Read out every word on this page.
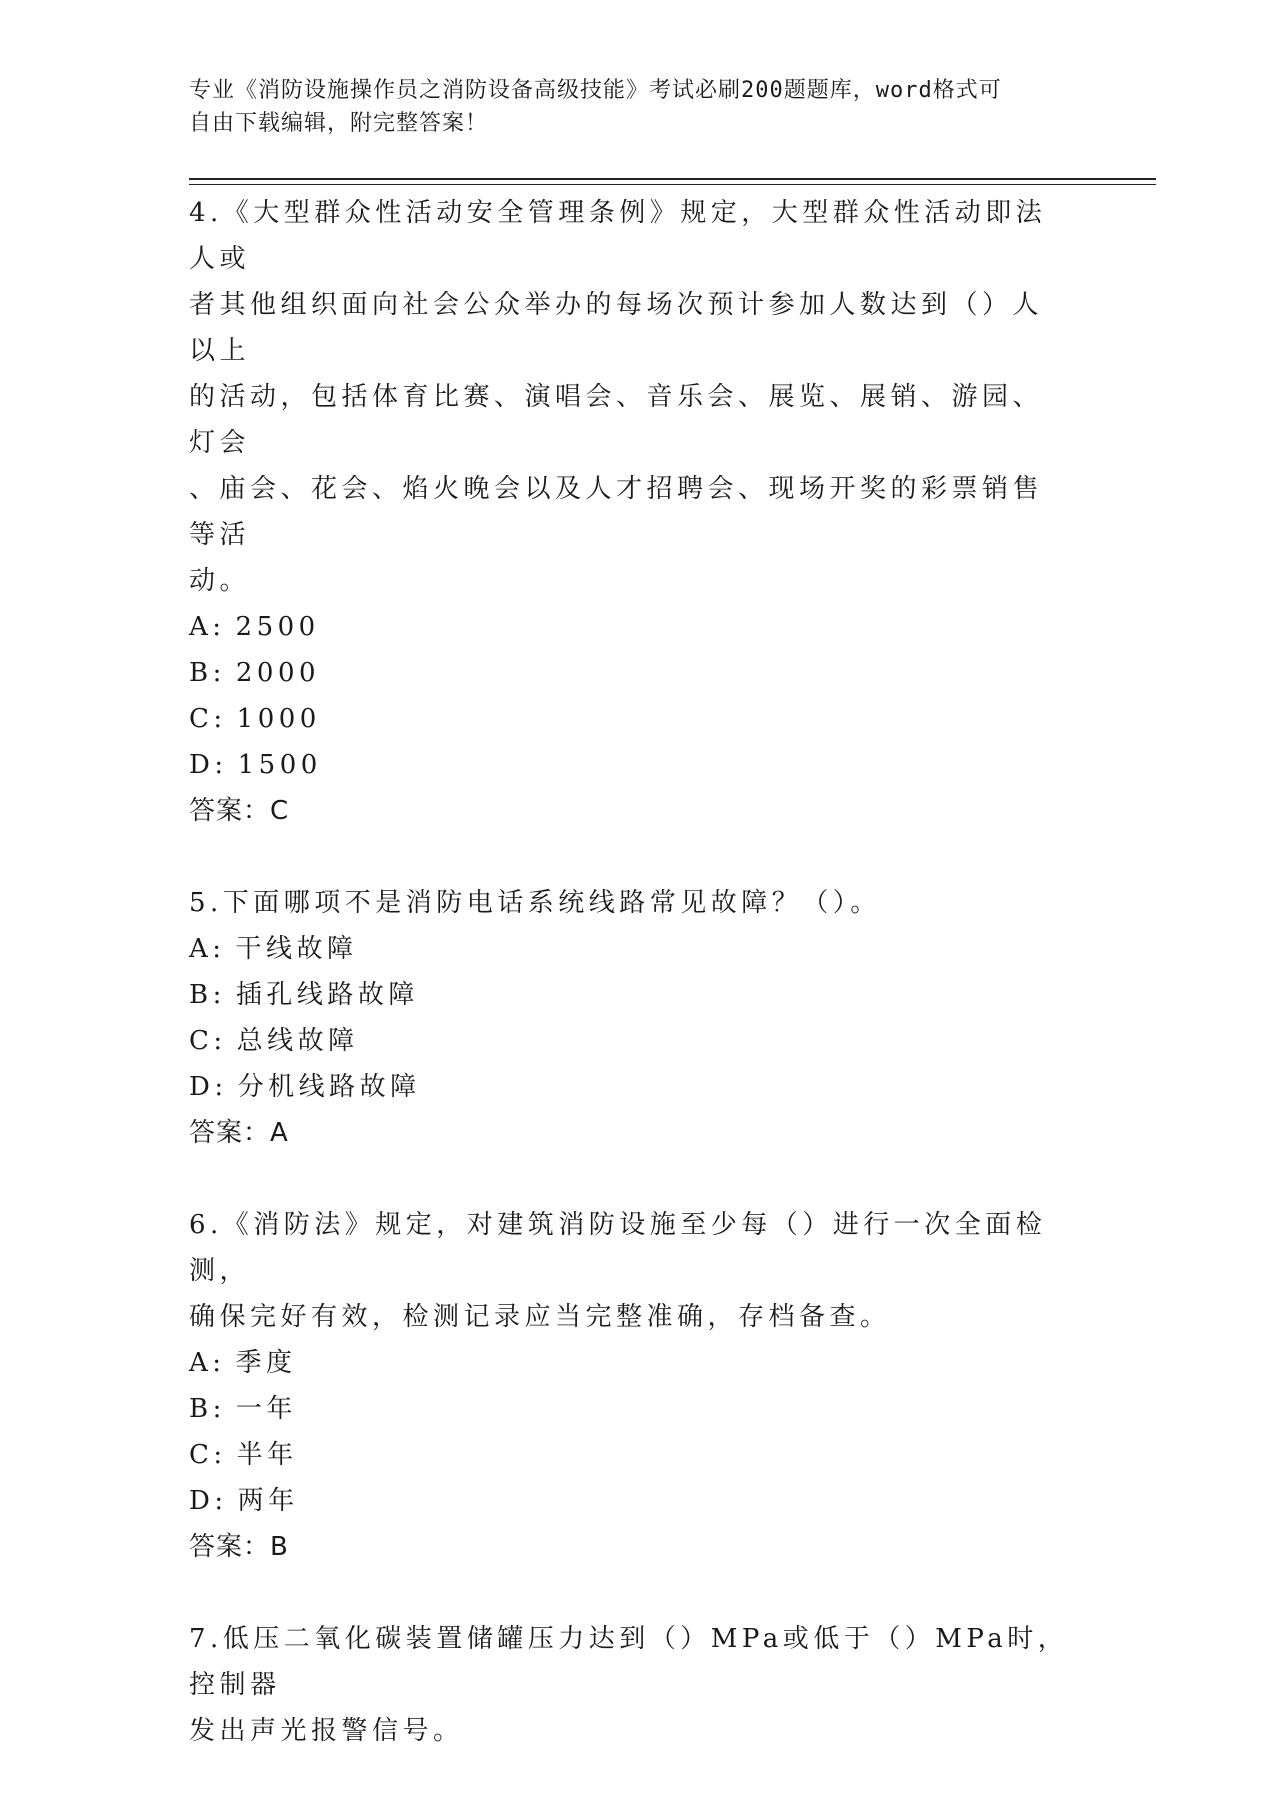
专业《消防设施操作员之消防设备高级技能》考试必刷200题题库，word格式可
自由下载编辑，附完整答案！
4.《大型群众性活动安全管理条例》规定，大型群众性活动即法人或
者其他组织面向社会公众举办的每场次预计参加人数达到（）人以上
的活动，包括体育比赛、演唱会、音乐会、展览、展销、游园、灯会
、庙会、花会、焰火晚会以及人才招聘会、现场开奖的彩票销售等活
动。
A: 2500
B: 2000
C: 1000
D: 1500
答案：C
5.下面哪项不是消防电话系统线路常见故障？（）。
A: 干线故障
B: 插孔线路故障
C: 总线故障
D: 分机线路故障
答案：A
6.《消防法》规定，对建筑消防设施至少每（）进行一次全面检测，
确保完好有效，检测记录应当完整准确，存档备查。
A: 季度
B: 一年
C: 半年
D: 两年
答案：B
7.低压二氧化碳装置储罐压力达到（）MPa或低于（）MPa时，控制器
发出声光报警信号。
